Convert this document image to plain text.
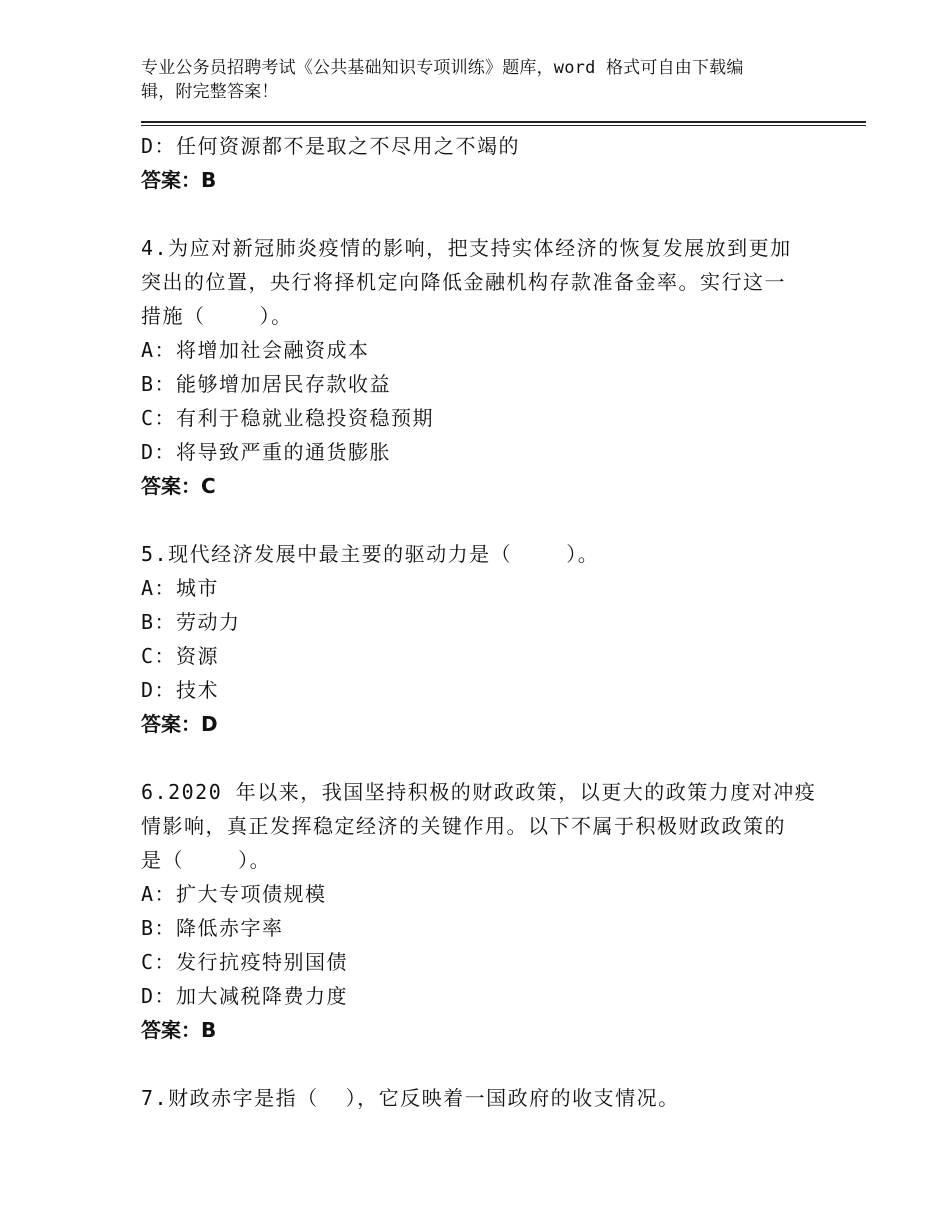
专业公务员招聘考试《公共基础知识专项训练》题库，word 格式可自由下载编
辑，附完整答案！
D：任何资源都不是取之不尽用之不竭的
答案：B
4.为应对新冠肺炎疫情的影响，把支持实体经济的恢复发展放到更加
突出的位置，央行将择机定向降低金融机构存款准备金率。实行这一
措施（    ）。
A：将增加社会融资成本
B：能够增加居民存款收益
C：有利于稳就业稳投资稳预期
D：将导致严重的通货膨胀
答案：C
5.现代经济发展中最主要的驱动力是（    ）。
A：城市
B：劳动力
C：资源
D：技术
答案：D
6.2020 年以来，我国坚持积极的财政政策，以更大的政策力度对冲疫
情影响，真正发挥稳定经济的关键作用。以下不属于积极财政政策的
是（    ）。
A：扩大专项债规模
B：降低赤字率
C：发行抗疫特别国债
D：加大减税降费力度
答案：B
7.财政赤字是指（  ），它反映着一国政府的收支情况。
